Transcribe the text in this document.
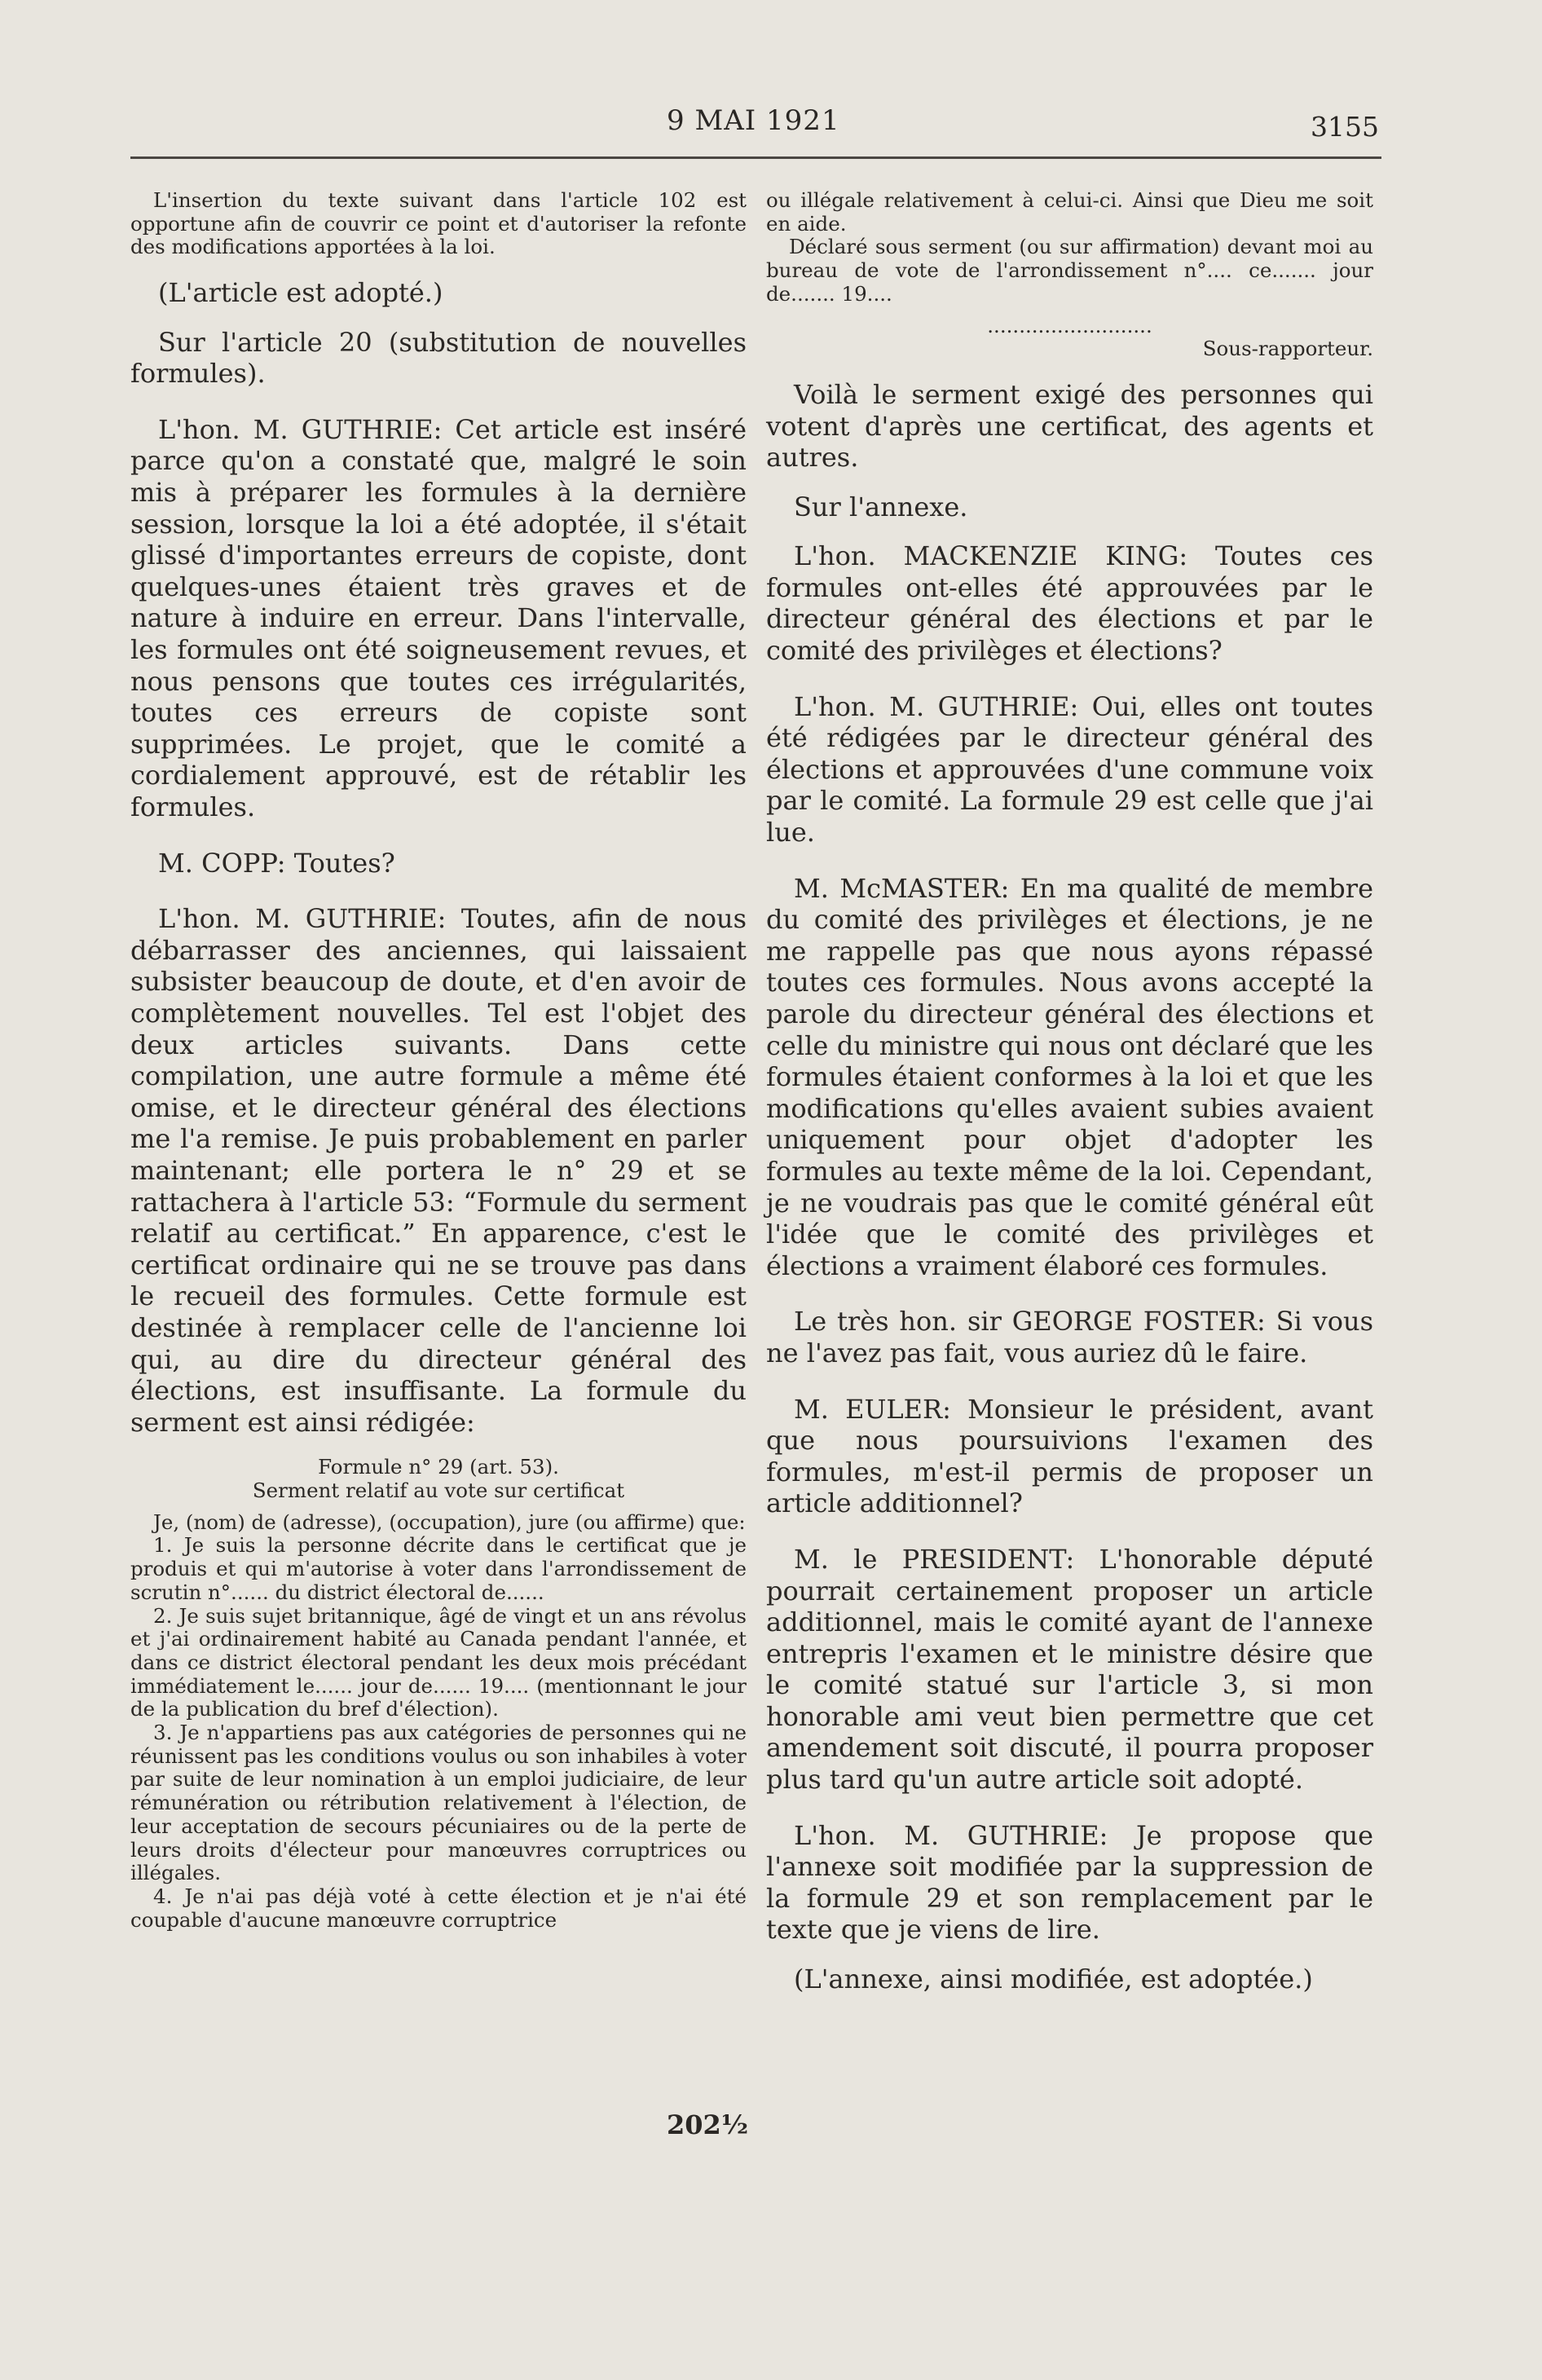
9 MAI 1921	3155

L'insertion du texte suivant dans l'article 102 est opportune afin de couvrir ce point et d'autoriser la refonte des modifications apportées à la loi.

(L'article est adopté.)

Sur l'article 20 (substitution de nouvelles formules).

L'hon. M. GUTHRIE: Cet article est inséré parce qu'on a constaté que, malgré le soin mis à préparer les formules à la dernière session, lorsque la loi a été adoptée, il s'était glissé d'importantes erreurs de copiste, dont quelques-unes étaient très graves et de nature à induire en erreur. Dans l'intervalle, les formules ont été soigneusement revues, et nous pensons que toutes ces irrégularités, toutes ces erreurs de copiste sont supprimées. Le projet, que le comité a cordialement approuvé, est de rétablir les formules.

M. COPP: Toutes?

L'hon. M. GUTHRIE: Toutes, afin de nous débarrasser des anciennes, qui laissaient subsister beaucoup de doute, et d'en avoir de complètement nouvelles. Tel est l'objet des deux articles suivants. Dans cette compilation, une autre formule a même été omise, et le directeur général des élections me l'a remise. Je puis probablement en parler maintenant; elle portera le n° 29 et se rattachera à l'article 53: “Formule du serment relatif au certificat.” En apparence, c'est le certificat ordinaire qui ne se trouve pas dans le recueil des formules. Cette formule est destinée à remplacer celle de l'ancienne loi qui, au dire du directeur général des élections, est insuffisante. La formule du serment est ainsi rédigée:

Formule n° 29 (art. 53).

Serment relatif au vote sur certificat

Je, (nom) de (adresse), (occupation), jure (ou affirme) que:

1. Je suis la personne décrite dans le certificat que je produis et qui m'autorise à voter dans l'arrondissement de scrutin n°...... du district électoral de......

2. Je suis sujet britannique, âgé de vingt et un ans révolus et j'ai ordinairement habité au Canada pendant l'année, et dans ce district électoral pendant les deux mois précédant immédiatement le...... jour de...... 19.... (mentionnant le jour de la publication du bref d'élection).

3. Je n'appartiens pas aux catégories de personnes qui ne réunissent pas les conditions voulus ou son inhabiles à voter par suite de leur nomination à un emploi judiciaire, de leur rémunération ou rétribution relativement à l'élection, de leur acceptation de secours pécuniaires ou de la perte de leurs droits d'électeur pour manœuvres corruptrices ou illégales.

4. Je n'ai pas déjà voté à cette élection et je n'ai été coupable d'aucune manœuvre corruptrice

ou illégale relativement à celui-ci. Ainsi que Dieu me soit en aide.

Déclaré sous serment (ou sur affirmation) devant moi au bureau de vote de l'arrondissement n°.... ce....... jour de....... 19....

..........................

Sous-rapporteur.

Voilà le serment exigé des personnes qui votent d'après une certificat, des agents et autres.

Sur l'annexe.

L'hon. MACKENZIE KING: Toutes ces formules ont-elles été approuvées par le directeur général des élections et par le comité des privilèges et élections?

L'hon. M. GUTHRIE: Oui, elles ont toutes été rédigées par le directeur général des élections et approuvées d'une commune voix par le comité. La formule 29 est celle que j'ai lue.

M. McMASTER: En ma qualité de membre du comité des privilèges et élections, je ne me rappelle pas que nous ayons répassé toutes ces formules. Nous avons accepté la parole du directeur général des élections et celle du ministre qui nous ont déclaré que les formules étaient conformes à la loi et que les modifications qu'elles avaient subies avaient uniquement pour objet d'adopter les formules au texte même de la loi. Cependant, je ne voudrais pas que le comité général eût l'idée que le comité des privilèges et élections a vraiment élaboré ces formules.

Le très hon. sir GEORGE FOSTER: Si vous ne l'avez pas fait, vous auriez dû le faire.

M. EULER: Monsieur le président, avant que nous poursuivions l'examen des formules, m'est-il permis de proposer un article additionnel?

M. le PRESIDENT: L'honorable député pourrait certainement proposer un article additionnel, mais le comité ayant de l'annexe entrepris l'examen et le ministre désire que le comité statué sur l'article 3, si mon honorable ami veut bien permettre que cet amendement soit discuté, il pourra proposer plus tard qu'un autre article soit adopté.

L'hon. M. GUTHRIE: Je propose que l'annexe soit modifiée par la suppression de la formule 29 et son remplacement par le texte que je viens de lire.

(L'annexe, ainsi modifiée, est adoptée.)

202½
